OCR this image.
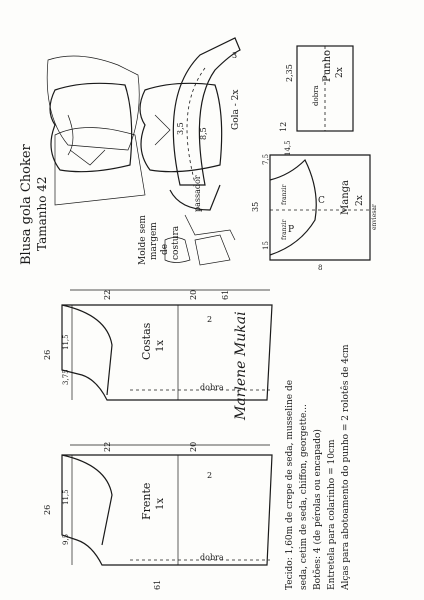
Blusa gola Choker Tamanho 42	Molde sem margem de costura
Gola - 2x
3,5 8,5
3
passador
Punho 2x
2,35
12
dobra
Manga 2x
35
7,5
14,5
15
8
P
C
franzir
enviesar
franzir
Costas 1x
22	20	61
26
11,5
3,75
dobra
2 Marlene Mukai
Frente 1x
22	20
61
26
11,5
9,5
dobra
2	Tecido: 1,60m de crepe de seda, musseline de seda, cetim de seda, chiffon, georgette... Botões: 4 (de pérolas ou encapado) Entretela para colarinho = 10cm Alças para abotoamento do punho = 2 rolotês de 4cm
